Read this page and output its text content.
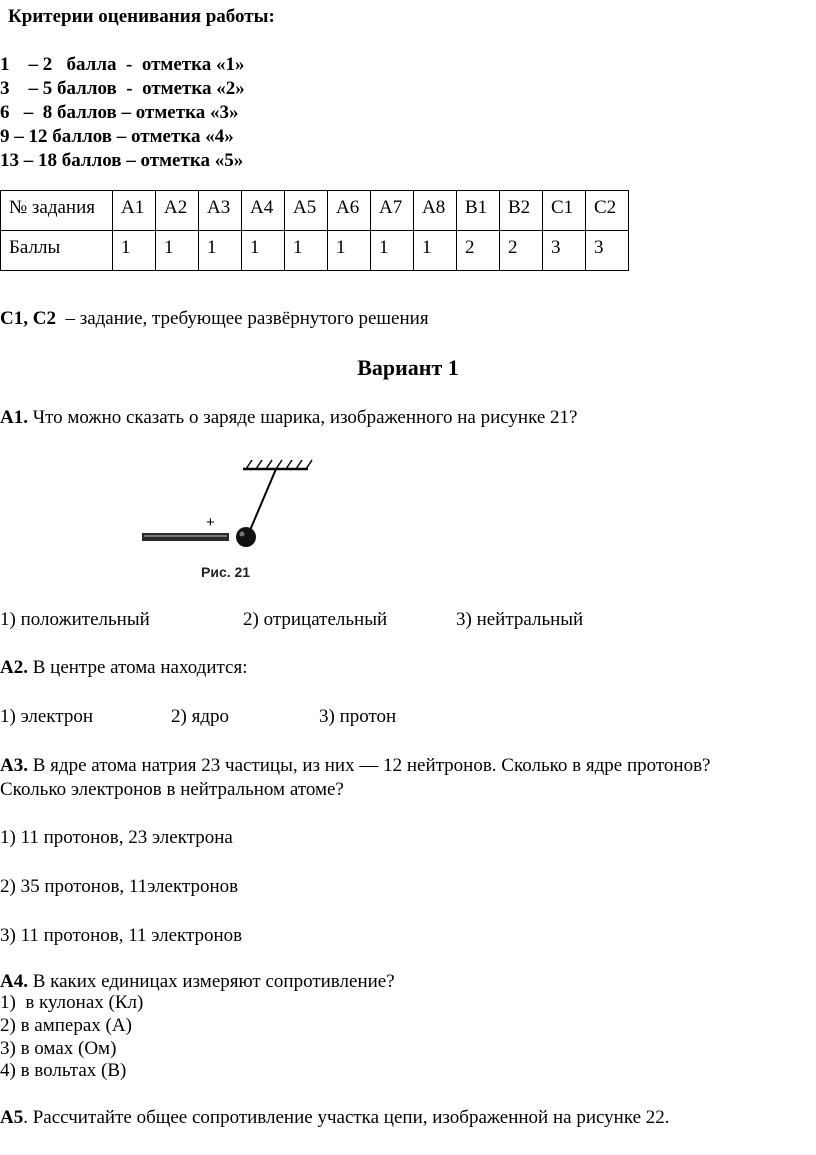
Критерии оценивания работы:
1    – 2   балла  -  отметка «1»
3    – 5 баллов  -  отметка «2»
6   –  8 баллов – отметка «3»
9 – 12 баллов – отметка «4»
13 – 18 баллов – отметка «5»
№ задания	А1	А2	А3	А4	А5	А6	А7	А8	В1	В2	С1	С2
Баллы	1	1	1	1	1	1	1	1	2	2	3	3
С1, С2  – задание, требующее развёрнутого решения
Вариант 1
А1. Что можно сказать о заряде шарика, изображенного на рисунке 21?
+
Рис. 21
1) положительный	2) отрицательный	3) нейтральный
А2. В центре атома находится:
1) электрон	2) ядро	3) протон
А3. В ядре атома натрия 23 частицы, из них — 12 нейтронов. Сколько в ядре протонов?
Сколько электронов в нейтральном атоме?
1) 11 протонов, 23 электрона
2) 35 протонов, 11электронов
3) 11 протонов, 11 электронов
А4. В каких единицах измеряют сопротивление?
1)  в кулонах (Кл)
2) в амперах (А)
3) в омах (Ом)
4) в вольтах (В)
А5. Рассчитайте общее сопротивление участка цепи, изображенной на рисунке 22.
